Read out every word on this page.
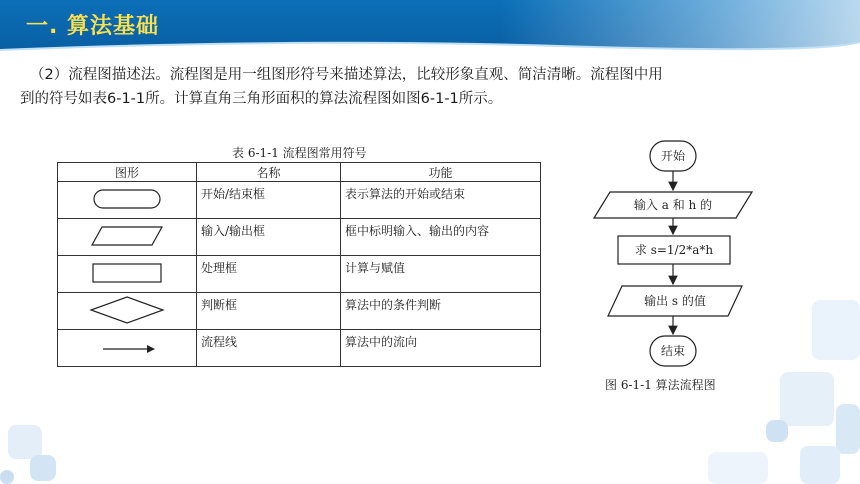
一. 算法基础
（2）流程图描述法。流程图是用一组图形符号来描述算法，比较形象直观、简洁清晰。流程图中用
到的符号如表6-1-1所。计算直角三角形面积的算法流程图如图6-1-1所示。
表 6-1-1 流程图常用符号
图形	名称	功能
	开始/结束框	表示算法的开始或结束
	输入/输出框	框中标明输入、输出的内容
	处理框	计算与赋值
	判断框	算法中的条件判断
	流程线	算法中的流向
开始
输入 a 和 h 的
求 s=1/2*a*h
输出 s 的值
结束
图 6-1-1 算法流程图
